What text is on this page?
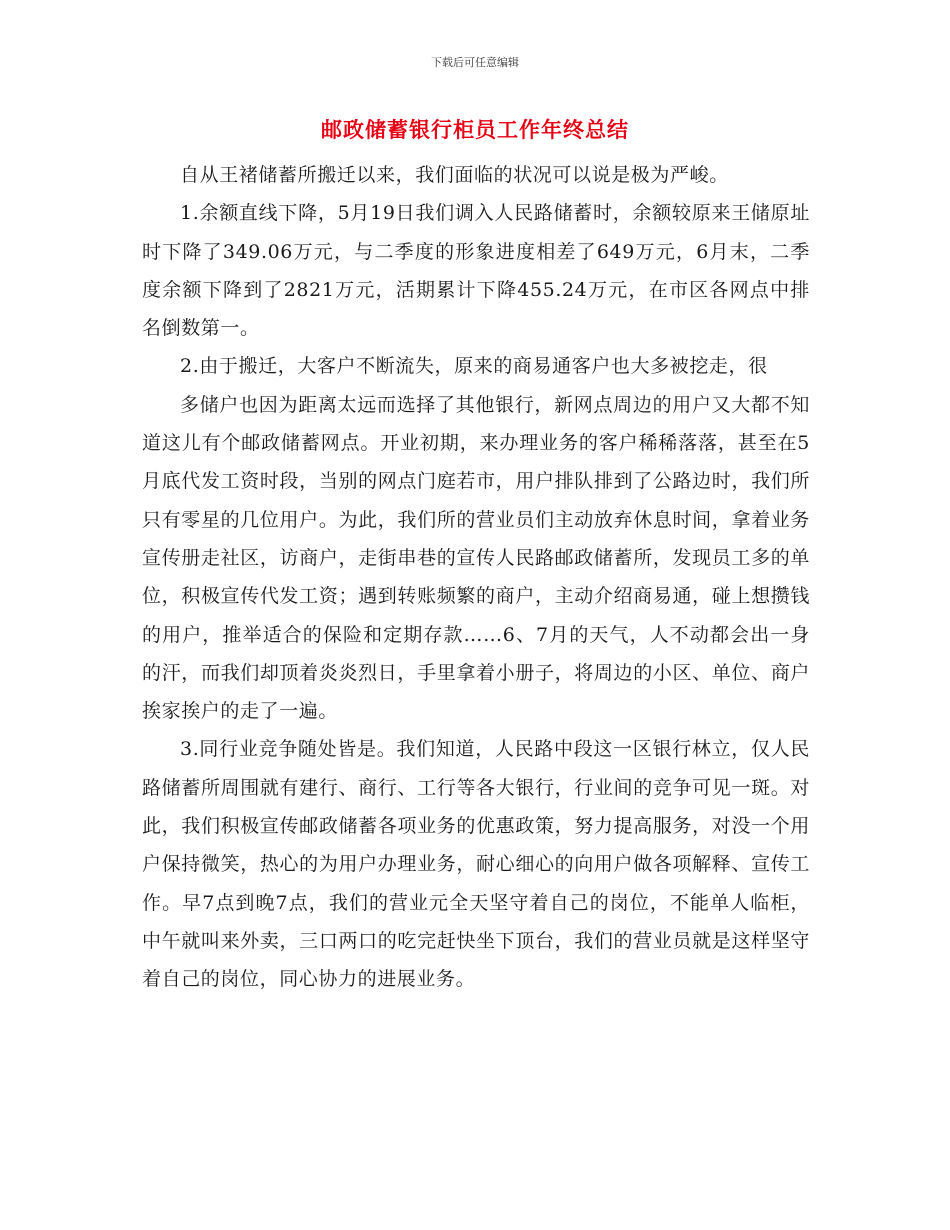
下载后可任意编辑
邮政储蓄银行柜员工作年终总结

自从王褚储蓄所搬迁以来，我们面临的状况可以说是极为严峻。

1.余额直线下降，5月19日我们调入人民路储蓄时，余额较原来王储原址时下降了349.06万元，与二季度的形象进度相差了649万元，6月末，二季度余额下降到了2821万元，活期累计下降455.24万元，在市区各网点中排名倒数第一。

2.由于搬迁，大客户不断流失，原来的商易通客户也大多被挖走，很

多储户也因为距离太远而选择了其他银行，新网点周边的用户又大都不知道这儿有个邮政储蓄网点。开业初期，来办理业务的客户稀稀落落，甚至在5月底代发工资时段，当别的网点门庭若市，用户排队排到了公路边时，我们所只有零星的几位用户。为此，我们所的营业员们主动放弃休息时间，拿着业务宣传册走社区，访商户，走街串巷的宣传人民路邮政储蓄所，发现员工多的单位，积极宣传代发工资；遇到转账频繁的商户，主动介绍商易通，碰上想攒钱的用户，推举适合的保险和定期存款……6、7月的天气，人不动都会出一身的汗，而我们却顶着炎炎烈日，手里拿着小册子，将周边的小区、单位、商户挨家挨户的走了一遍。

3.同行业竞争随处皆是。我们知道，人民路中段这一区银行林立，仅人民路储蓄所周围就有建行、商行、工行等各大银行，行业间的竞争可见一斑。对此，我们积极宣传邮政储蓄各项业务的优惠政策，努力提高服务，对没一个用户保持微笑，热心的为用户办理业务，耐心细心的向用户做各项解释、宣传工作。早7点到晚7点，我们的营业元全天坚守着自己的岗位，不能单人临柜，中午就叫来外卖，三口两口的吃完赶快坐下顶台，我们的营业员就是这样坚守着自己的岗位，同心协力的进展业务。
